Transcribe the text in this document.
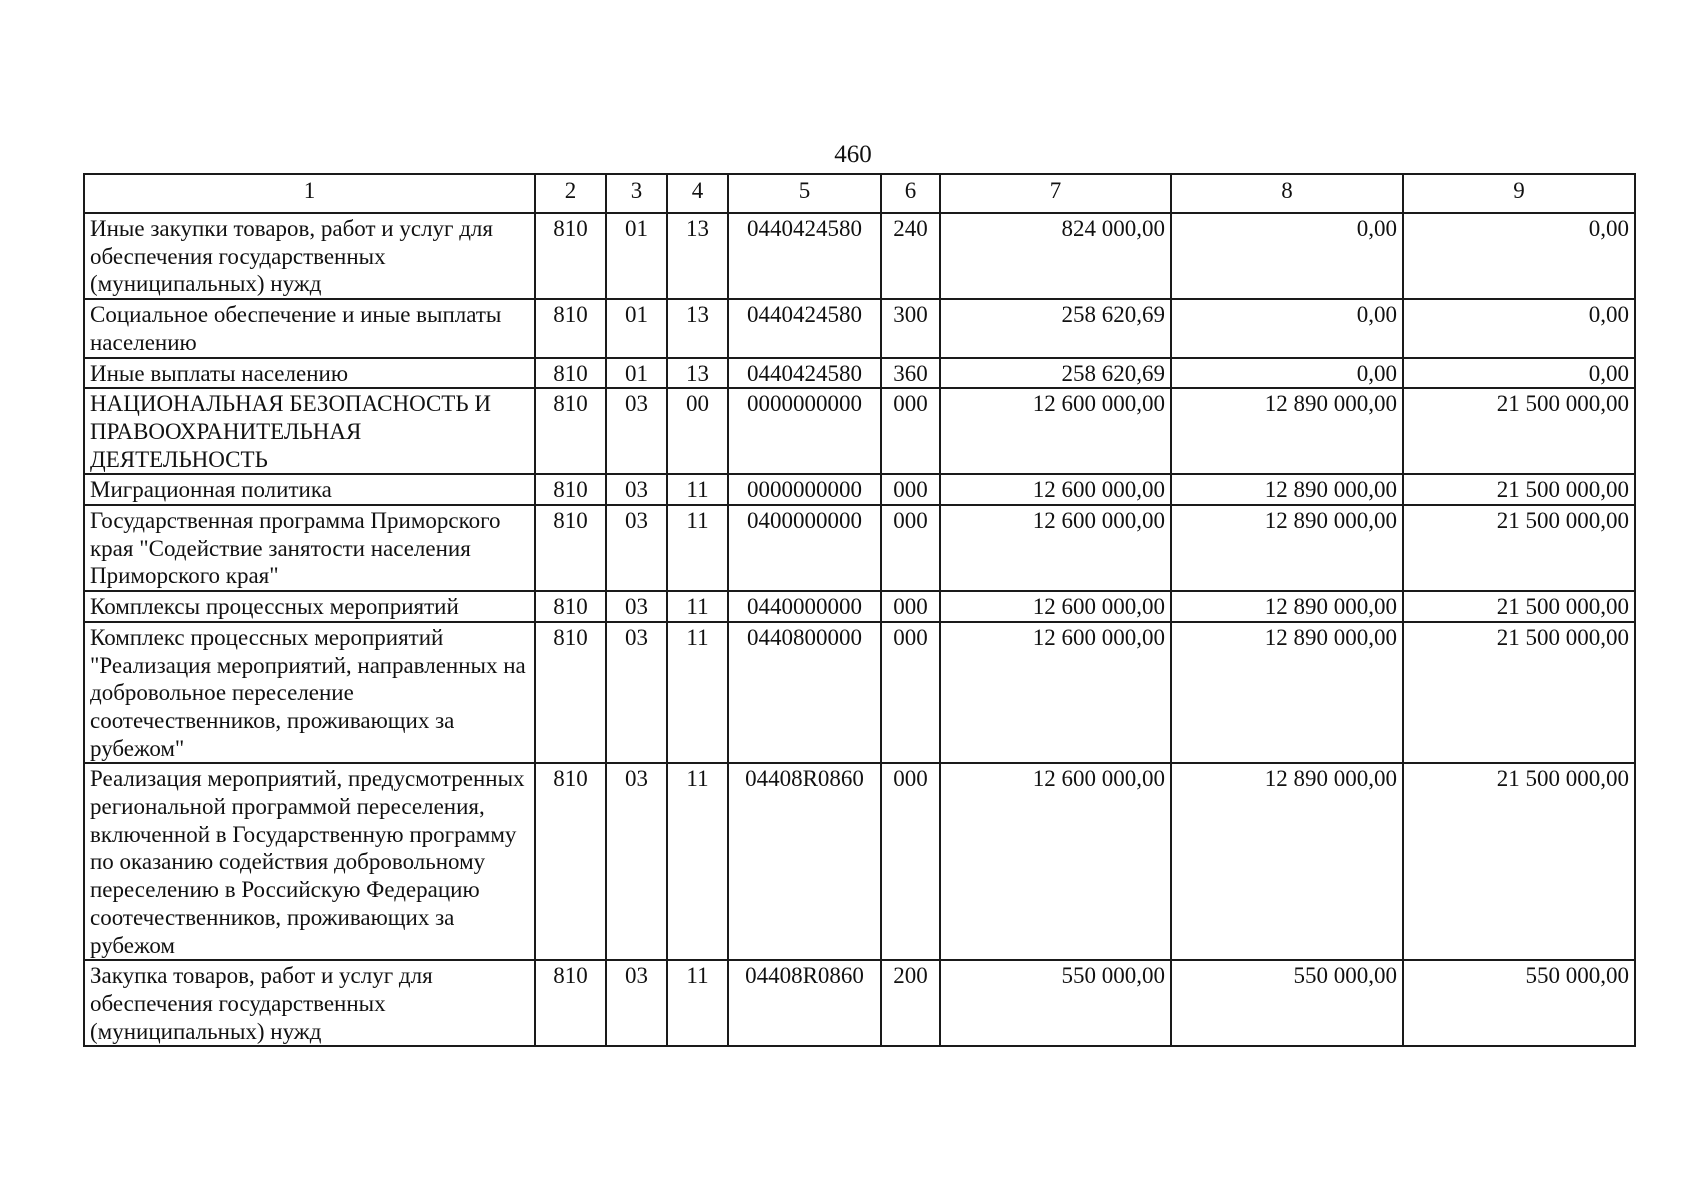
460
1	2	3	4	5	6	7	8	9
Иные закупки товаров, работ и услуг для обеспечения государственных (муниципальных) нужд	810	01	13	0440424580	240	824 000,00	0,00	0,00
Социальное обеспечение и иные выплаты населению	810	01	13	0440424580	300	258 620,69	0,00	0,00
Иные выплаты населению	810	01	13	0440424580	360	258 620,69	0,00	0,00
НАЦИОНАЛЬНАЯ БЕЗОПАСНОСТЬ И ПРАВООХРАНИТЕЛЬНАЯ ДЕЯТЕЛЬНОСТЬ	810	03	00	0000000000	000	12 600 000,00	12 890 000,00	21 500 000,00
Миграционная политика	810	03	11	0000000000	000	12 600 000,00	12 890 000,00	21 500 000,00
Государственная программа Приморского края "Содействие занятости населения Приморского края"	810	03	11	0400000000	000	12 600 000,00	12 890 000,00	21 500 000,00
Комплексы процессных мероприятий	810	03	11	0440000000	000	12 600 000,00	12 890 000,00	21 500 000,00
Комплекс процессных мероприятий "Реализация мероприятий, направленных на добровольное переселение соотечественников, проживающих за рубежом"	810	03	11	0440800000	000	12 600 000,00	12 890 000,00	21 500 000,00
Реализация мероприятий, предусмотренных региональной программой переселения, включенной в Государственную программу по оказанию содействия добровольному переселению в Российскую Федерацию соотечественников, проживающих за рубежом	810	03	11	04408R0860	000	12 600 000,00	12 890 000,00	21 500 000,00
Закупка товаров, работ и услуг для обеспечения государственных (муниципальных) нужд	810	03	11	04408R0860	200	550 000,00	550 000,00	550 000,00
